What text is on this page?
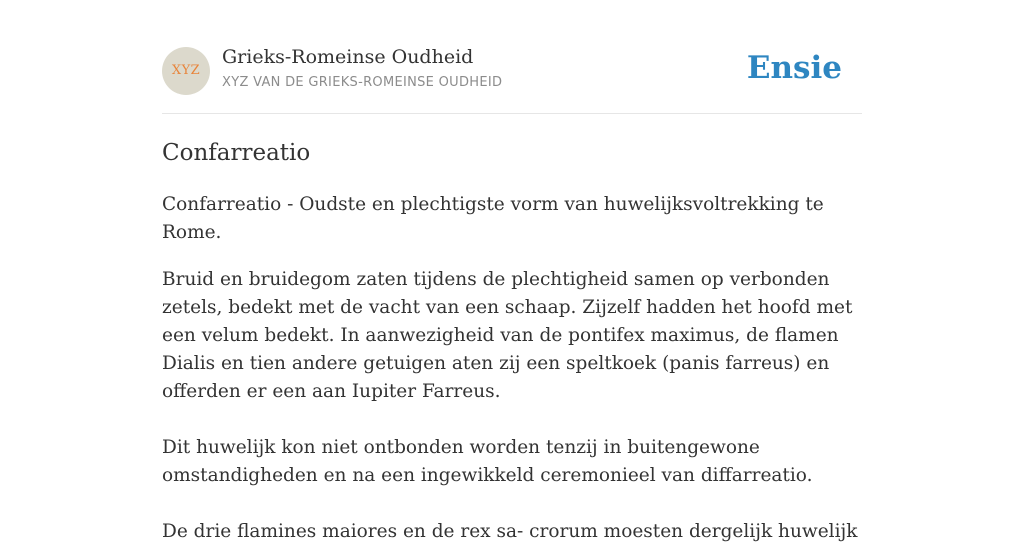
XYZ
Grieks-Romeinse Oudheid
XYZ VAN DE GRIEKS-ROMEINSE OUDHEID	Ensie
Confarreatio

Confarreatio - Oudste en plechtigste vorm van huwelijksvoltrekking te Rome.

Bruid en bruidegom zaten tijdens de plechtigheid samen op verbonden zetels, bedekt met de vacht van een schaap. Zijzelf hadden het hoofd met een velum bedekt. In aanwezigheid van de pontifex maximus, de flamen Dialis en tien andere getuigen aten zij een speltkoek (panis farreus) en offerden er een aan Iupiter Farreus.

Dit huwelijk kon niet ontbonden worden tenzij in buitengewone omstandigheden en na een ingewikkeld ceremonieel van diffarreatio.

De drie flamines maiores en de rex sa- crorum moesten dergelijk huwelijk
